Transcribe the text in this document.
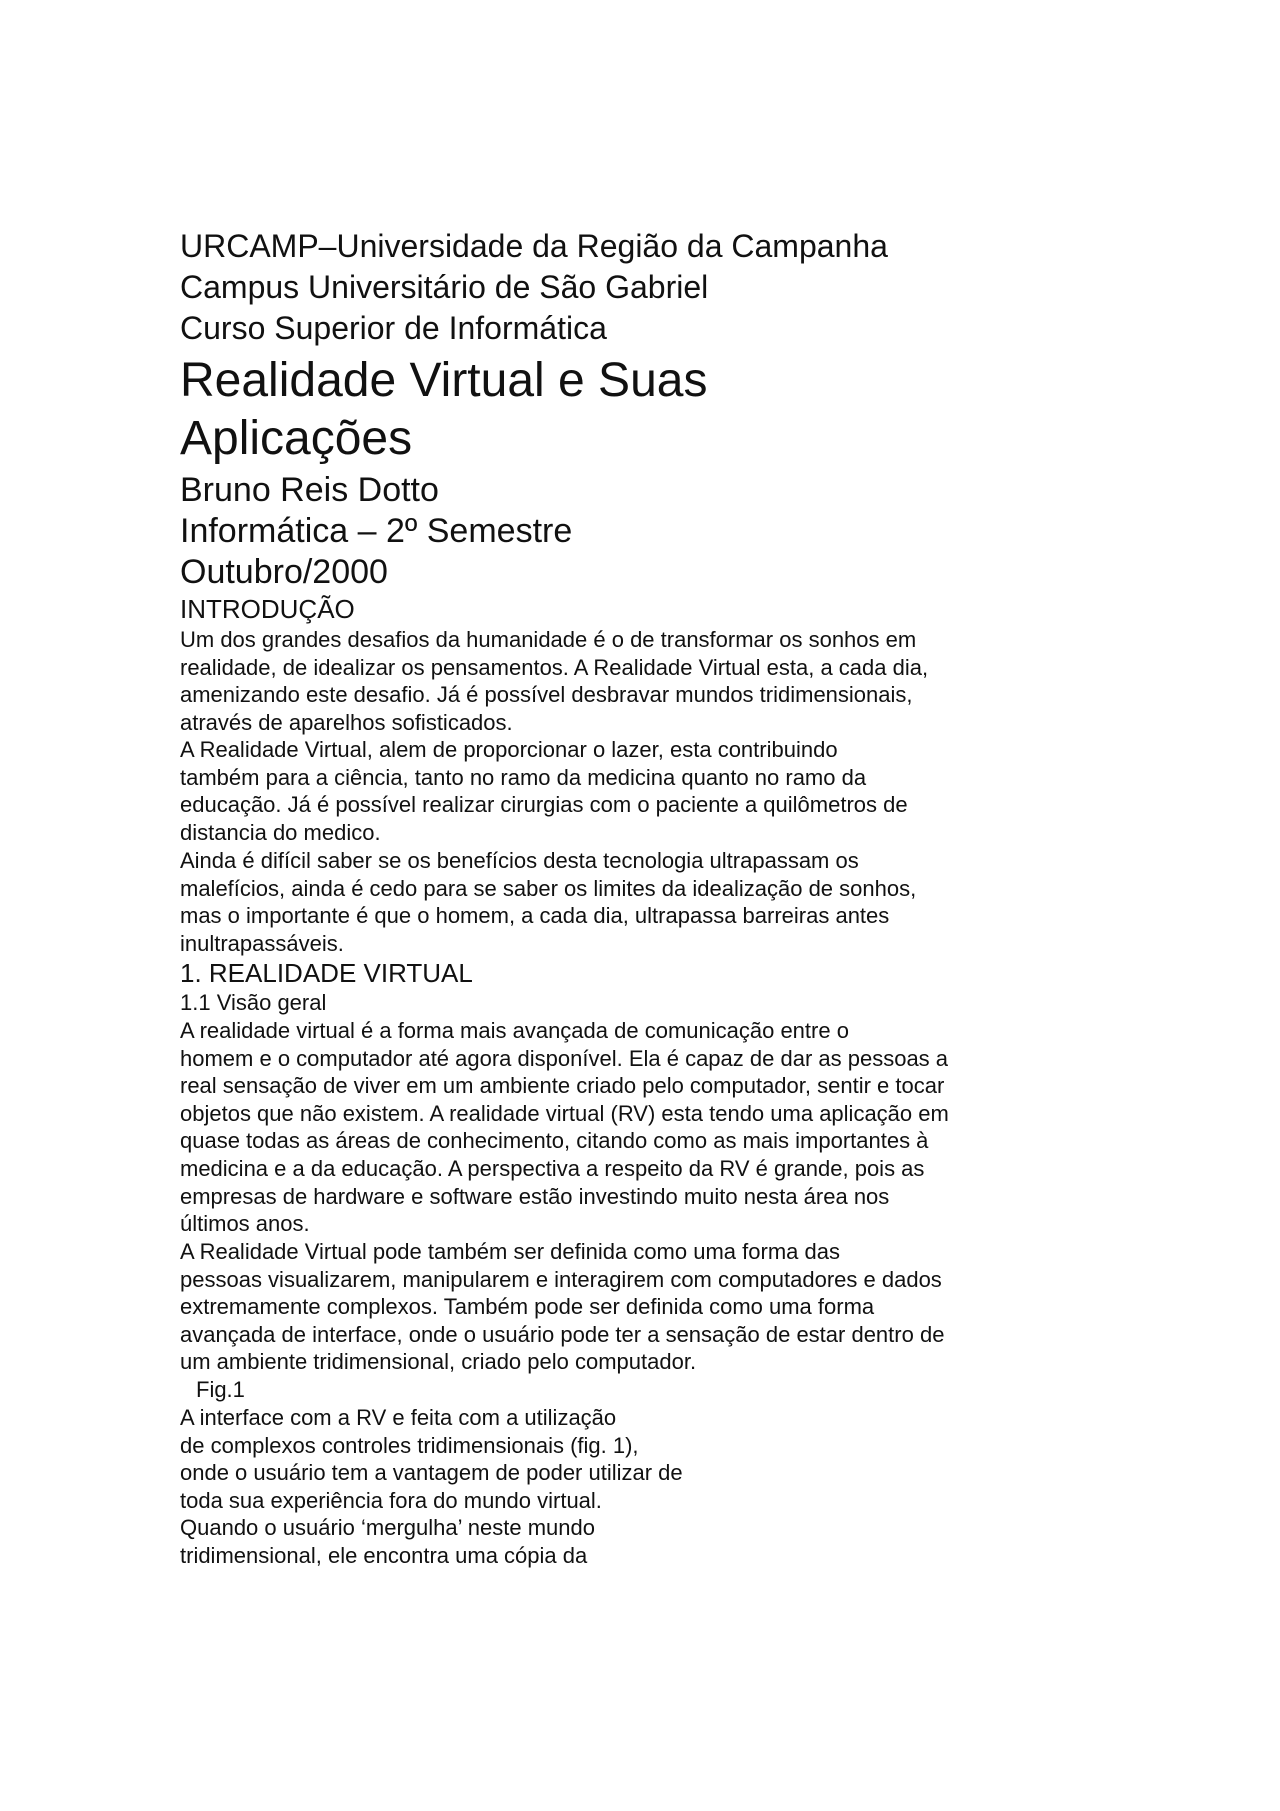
URCAMP–Universidade da Região da Campanha
Campus Universitário de São Gabriel
Curso Superior de Informática
Realidade Virtual e Suas
Aplicações
Bruno Reis Dotto
Informática – 2º Semestre
Outubro/2000
INTRODUÇÃO
Um dos grandes desafios da humanidade é o de transformar os sonhos em
realidade, de idealizar os pensamentos. A Realidade Virtual esta, a cada dia,
amenizando este desafio. Já é possível desbravar mundos tridimensionais,
através de aparelhos sofisticados.
A Realidade Virtual, alem de proporcionar o lazer, esta contribuindo
também para a ciência, tanto no ramo da medicina quanto no ramo da
educação. Já é possível realizar cirurgias com o paciente a quilômetros de
distancia do medico.
Ainda é difícil saber se os benefícios desta tecnologia ultrapassam os
malefícios, ainda é cedo para se saber os limites da idealização de sonhos,
mas o importante é que o homem, a cada dia, ultrapassa barreiras antes
inultrapassáveis.
1. REALIDADE VIRTUAL
1.1 Visão geral
A realidade virtual é a forma mais avançada de comunicação entre o
homem e o computador até agora disponível. Ela é capaz de dar as pessoas a
real sensação de viver em um ambiente criado pelo computador, sentir e tocar
objetos que não existem. A realidade virtual (RV) esta tendo uma aplicação em
quase todas as áreas de conhecimento, citando como as mais importantes à
medicina e a da educação. A perspectiva a respeito da RV é grande, pois as
empresas de hardware e software estão investindo muito nesta área nos
últimos anos.
A Realidade Virtual pode também ser definida como uma forma das
pessoas visualizarem, manipularem e interagirem com computadores e dados
extremamente complexos. Também pode ser definida como uma forma
avançada de interface, onde o usuário pode ter a sensação de estar dentro de
um ambiente tridimensional, criado pelo computador.
Fig.1
A interface com a RV e feita com a utilização
de complexos controles tridimensionais (fig. 1),
onde o usuário tem a vantagem de poder utilizar de
toda sua experiência fora do mundo virtual.
Quando o usuário ‘mergulha’ neste mundo
tridimensional, ele encontra uma cópia da
